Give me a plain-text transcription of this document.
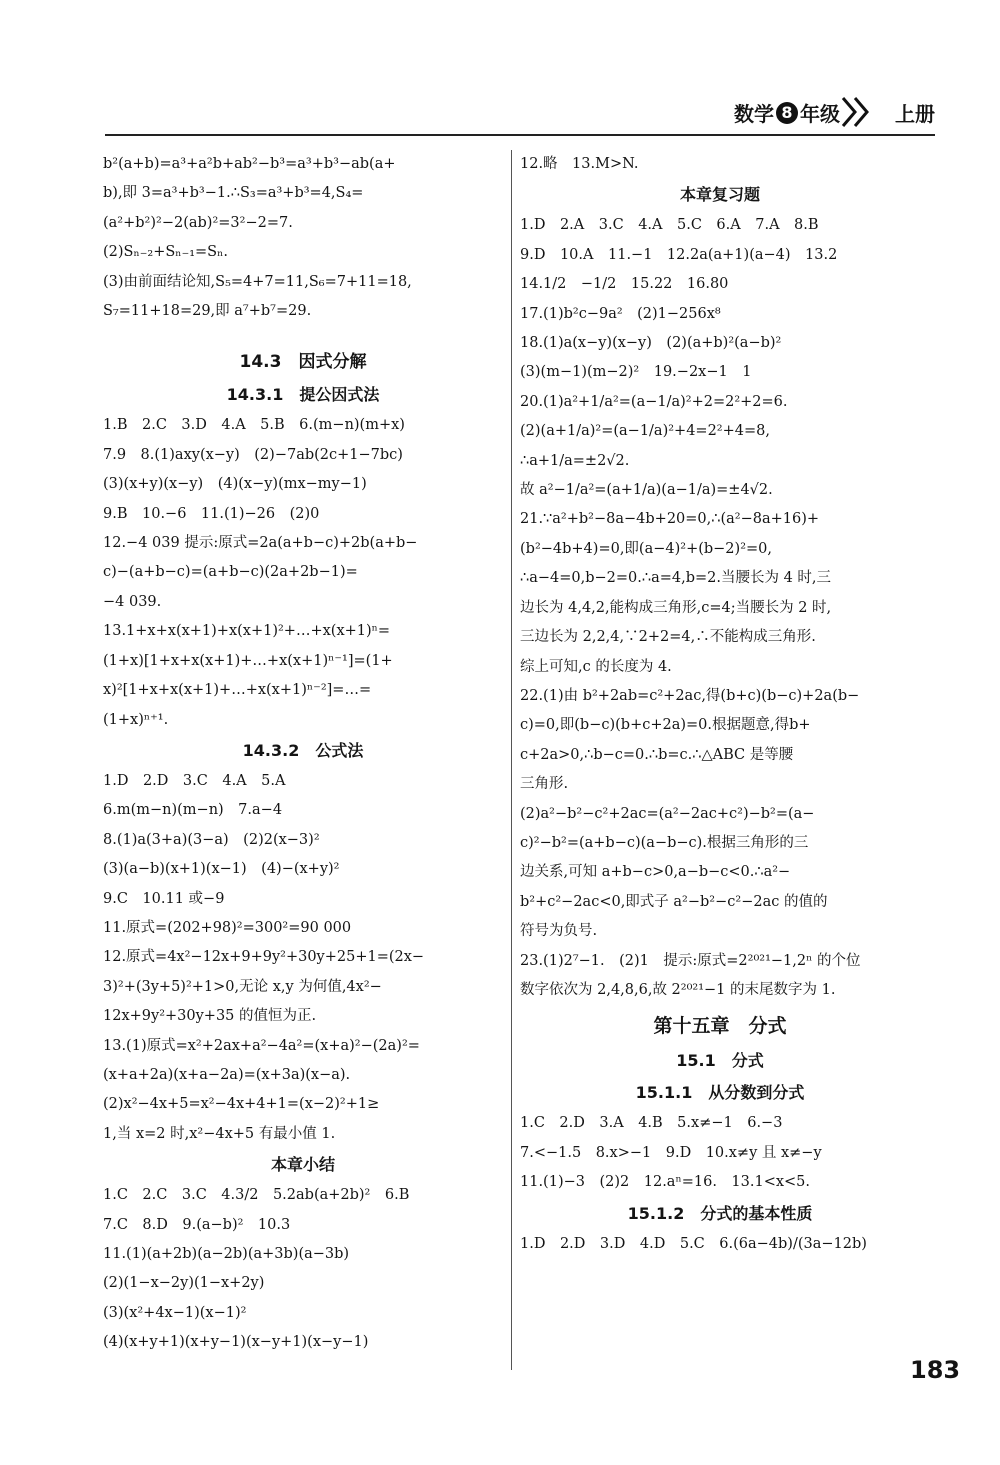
数学 8 年级	上册

b²(a+b)=a³+a²b+ab²−b³=a³+b³−ab(a+

b),即 3=a³+b³−1.∴S₃=a³+b³=4,S₄=

(a²+b²)²−2(ab)²=3²−2=7.

(2)Sₙ₋₂+Sₙ₋₁=Sₙ.

(3)由前面结论知,S₅=4+7=11,S₆=7+11=18,

S₇=11+18=29,即 a⁷+b⁷=29.

14.3　因式分解
14.3.1　提公因式法

1.B　2.C　3.D　4.A　5.B　6.(m−n)(m+x)

7.9　8.(1)axy(x−y)　(2)−7ab(2c+1−7bc)

(3)(x+y)(x−y)　(4)(x−y)(mx−my−1)

9.B　10.−6　11.(1)−26　(2)0

12.−4 039 提示:原式=2a(a+b−c)+2b(a+b−

c)−(a+b−c)=(a+b−c)(2a+2b−1)=

−4 039.

13.1+x+x(x+1)+x(x+1)²+…+x(x+1)ⁿ=

(1+x)[1+x+x(x+1)+…+x(x+1)ⁿ⁻¹]=(1+

x)²[1+x+x(x+1)+…+x(x+1)ⁿ⁻²]=…=

(1+x)ⁿ⁺¹.

14.3.2　公式法

1.D　2.D　3.C　4.A　5.A

6.m(m−n)(m−n)　7.a−4

8.(1)a(3+a)(3−a)　(2)2(x−3)²

(3)(a−b)(x+1)(x−1)　(4)−(x+y)²

9.C　10.11 或−9

11.原式=(202+98)²=300²=90 000

12.原式=4x²−12x+9+9y²+30y+25+1=(2x−

3)²+(3y+5)²+1>0,无论 x,y 为何值,4x²−

12x+9y²+30y+35 的值恒为正.

13.(1)原式=x²+2ax+a²−4a²=(x+a)²−(2a)²=

(x+a+2a)(x+a−2a)=(x+3a)(x−a).

(2)x²−4x+5=x²−4x+4+1=(x−2)²+1≥

1,当 x=2 时,x²−4x+5 有最小值 1.

本章小结

1.C　2.C　3.C　4.3/2　5.2ab(a+2b)²　6.B

7.C　8.D　9.(a−b)²　10.3

11.(1)(a+2b)(a−2b)(a+3b)(a−3b)

(2)(1−x−2y)(1−x+2y)

(3)(x²+4x−1)(x−1)²

(4)(x+y+1)(x+y−1)(x−y+1)(x−y−1)

12.略　13.M>N.

本章复习题

1.D　2.A　3.C　4.A　5.C　6.A　7.A　8.B

9.D　10.A　11.−1　12.2a(a+1)(a−4)　13.2

14.1/2　−1/2　15.22　16.80

17.(1)b²c−9a²　(2)1−256x⁸

18.(1)a(x−y)(x−y)　(2)(a+b)²(a−b)²

(3)(m−1)(m−2)²　19.−2x−1　1

20.(1)a²+1/a²=(a−1/a)²+2=2²+2=6.

(2)(a+1/a)²=(a−1/a)²+4=2²+4=8,

∴a+1/a=±2√2.

故 a²−1/a²=(a+1/a)(a−1/a)=±4√2.

21.∵a²+b²−8a−4b+20=0,∴(a²−8a+16)+

(b²−4b+4)=0,即(a−4)²+(b−2)²=0,

∴a−4=0,b−2=0.∴a=4,b=2.当腰长为 4 时,三

边长为 4,4,2,能构成三角形,c=4;当腰长为 2 时,

三边长为 2,2,4,∵2+2=4,∴不能构成三角形.

综上可知,c 的长度为 4.

22.(1)由 b²+2ab=c²+2ac,得(b+c)(b−c)+2a(b−

c)=0,即(b−c)(b+c+2a)=0.根据题意,得b+

c+2a>0,∴b−c=0.∴b=c.∴△ABC 是等腰

三角形.

(2)a²−b²−c²+2ac=(a²−2ac+c²)−b²=(a−

c)²−b²=(a+b−c)(a−b−c).根据三角形的三

边关系,可知 a+b−c>0,a−b−c<0.∴a²−

b²+c²−2ac<0,即式子 a²−b²−c²−2ac 的值的

符号为负号.

23.(1)2⁷−1.　(2)1　提示:原式=2²⁰²¹−1,2ⁿ 的个位

数字依次为 2,4,8,6,故 2²⁰²¹−1 的末尾数字为 1.

第十五章　分式
15.1　分式
15.1.1　从分数到分式

1.C　2.D　3.A　4.B　5.x≠−1　6.−3

7.<−1.5　8.x>−1　9.D　10.x≠y 且 x≠−y

11.(1)−3　(2)2　12.aⁿ=16.　13.1<x<5.

15.1.2　分式的基本性质

1.D　2.D　3.D　4.D　5.C　6.(6a−4b)/(3a−12b)

183
